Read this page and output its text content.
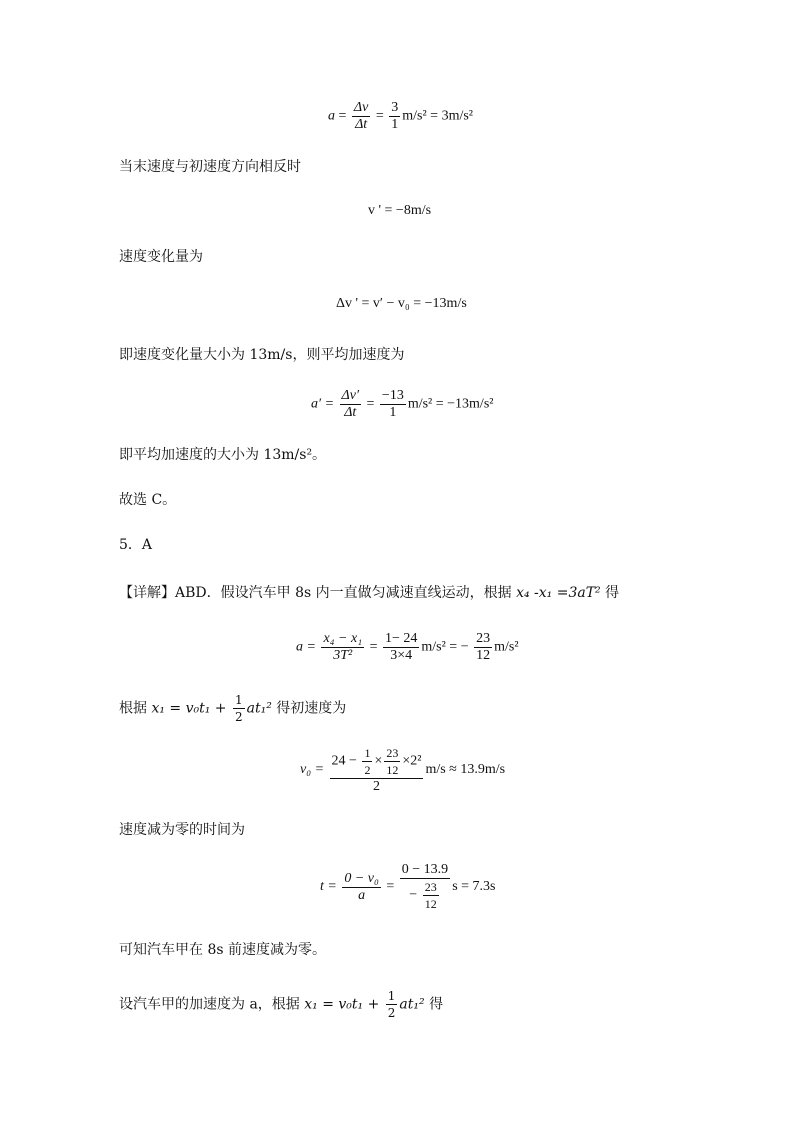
$a = \frac{\Delta v}{\Delta t} = \frac{3}{1} m/s^2 = 3m/s^2$
当末速度与初速度方向相反时
v ' = −8m/s
速度变化量为
Δv ' = v′ − v₀ = −13m/s
即速度变化量大小为 13m/s，则平均加速度为
$a' = \frac{\Delta v'}{\Delta t} = \frac{-13}{1} m/s^2 = -13m/s^2$
即平均加速度的大小为 13m/s²。
故选 C。
5．A
【详解】ABD．假设汽车甲 8s 内一直做匀减速直线运动，根据 x₄ -x₁ =3aT² 得
$a = \frac{\text{x₄ − x₁}}{\text{3T²}} = \frac{1- 24}{3\times 4} m/s^2$ = − $\frac{23}{12} m/s^2$
根据 $x_1 = v_0t_1 + \frac{1}{2} at_1^2$ 得初速度为
$v_0 = \frac{24 - \frac{1}{2} \times \frac{23}{12} \times 2^2}{2} m/s \approx 13.9m/s$
速度减为零的时间为
$t = \frac{\text{0 − v₀}}{a} = \frac{0 - 13.9}{- \frac{23}{12}}$ s = 7.3s
可知汽车甲在 8s 前速度减为零。
设汽车甲的加速度为 a，根据 $x_1 = v_0t_1 + \frac{1}{2} at_1^2$ 得
